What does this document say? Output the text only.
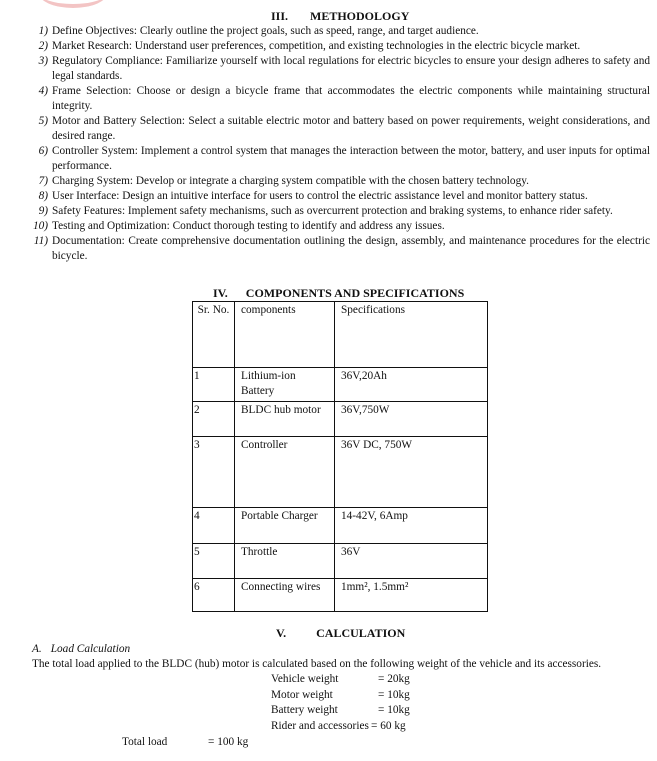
III. METHODOLOGY
1) Define Objectives: Clearly outline the project goals, such as speed, range, and target audience.
2) Market Research: Understand user preferences, competition, and existing technologies in the electric bicycle market.
3) Regulatory Compliance: Familiarize yourself with local regulations for electric bicycles to ensure your design adheres to safety and legal standards.
4) Frame Selection: Choose or design a bicycle frame that accommodates the electric components while maintaining structural integrity.
5) Motor and Battery Selection: Select a suitable electric motor and battery based on power requirements, weight considerations, and desired range.
6) Controller System: Implement a control system that manages the interaction between the motor, battery, and user inputs for optimal performance.
7) Charging System: Develop or integrate a charging system compatible with the chosen battery technology.
8) User Interface: Design an intuitive interface for users to control the electric assistance level and monitor battery status.
9) Safety Features: Implement safety mechanisms, such as overcurrent protection and braking systems, to enhance rider safety.
10) Testing and Optimization: Conduct thorough testing to identify and address any issues.
11) Documentation: Create comprehensive documentation outlining the design, assembly, and maintenance procedures for the electric bicycle.
IV. COMPONENTS AND SPECIFICATIONS
Sr. No.	components	Specifications
1	Lithium-ion Battery	36V,20Ah
2	BLDC hub motor	36V,750W
3	Controller	36V DC, 750W
4	Portable Charger	14-42V, 6Amp
5	Throttle	36V
6	Connecting wires	1mm², 1.5mm²
V.	CALCULATION
A. Load Calculation
The total load applied to the BLDC (hub) motor is calculated based on the following weight of the vehicle and its accessories.
Vehicle weight	= 20kg
Motor weight	= 10kg
Battery weight	= 10kg
Rider and accessories = 60 kg
Total load	= 100 kg
